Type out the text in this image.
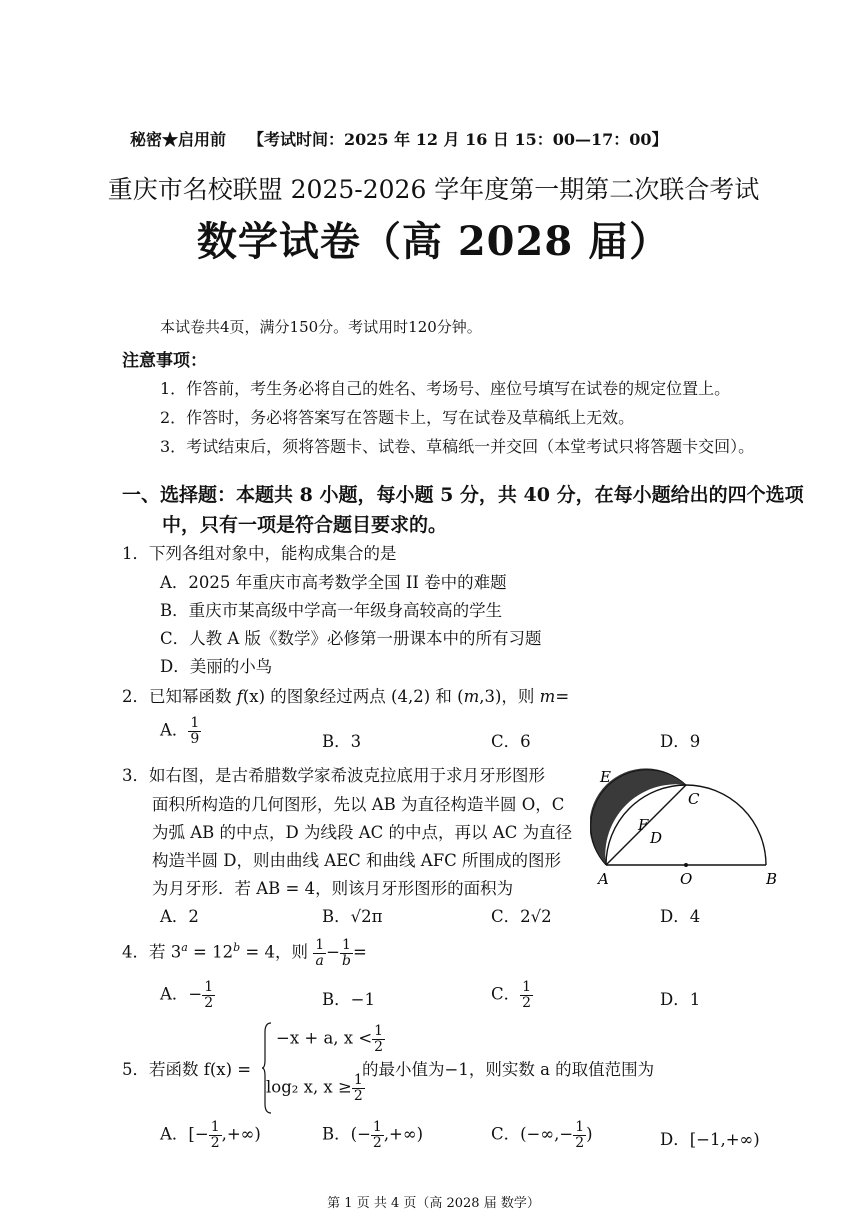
秘密★启用前 【考试时间：2025 年 12 月 16 日 15：00—17：00】
重庆市名校联盟 2025-2026 学年度第一期第二次联合考试
数学试卷（高 2028 届）
本试卷共4页，满分150分。考试用时120分钟。
注意事项：
1．作答前，考生务必将自己的姓名、考场号、座位号填写在试卷的规定位置上。
2．作答时，务必将答案写在答题卡上，写在试卷及草稿纸上无效。
3．考试结束后，须将答题卡、试卷、草稿纸一并交回（本堂考试只将答题卡交回）。
一、选择题：本题共 8 小题，每小题 5 分，共 40 分，在每小题给出的四个选项
中，只有一项是符合题目要求的。
1．下列各组对象中，能构成集合的是
A．2025 年重庆市高考数学全国 II 卷中的难题
B．重庆市某高级中学高一年级身高较高的学生
C．人教 A 版《数学》必修第一册课本中的所有习题
D．美丽的小鸟
2．已知幂函数 f(x) 的图象经过两点 (4,2) 和 (m,3)，则 m=
A． $\frac{1}{9}$	B．3	C．6	D．9
3．如右图，是古希腊数学家希波克拉底用于求月牙形图形
面积所构造的几何图形，先以 AB 为直径构造半圆 O，C
为弧 AB 的中点，D 为线段 AC 的中点，再以 AC 为直径
构造半圆 D，则由曲线 AEC 和曲线 AFC 所围成的图形
为月牙形．若 AB = 4，则该月牙形图形的面积为
A．2	B．√2π	C．2√2	D．4
E
C
F
D
A	O	B
4．若 $3^a = 12^b = 4$，则 $\frac{1}{a} - \frac{1}{b}$ =
A．− $\frac{1}{2}$	B．−1	C． $\frac{1}{2}$	D．1
5．若函数 f(x) =
−x + a, $x < \frac{1}{2}$
log₂ x, $x \ge \frac{1}{2}$
的最小值为−1，则实数 a 的取值范围为
A．[− $\frac{1}{2}$ ,+∞)	B．(− $\frac{1}{2}$ ,+∞)	C．(−∞,− $\frac{1}{2}$ )	D．[−1,+∞)
第 1 页 共 4 页（高 2028 届 数学）
